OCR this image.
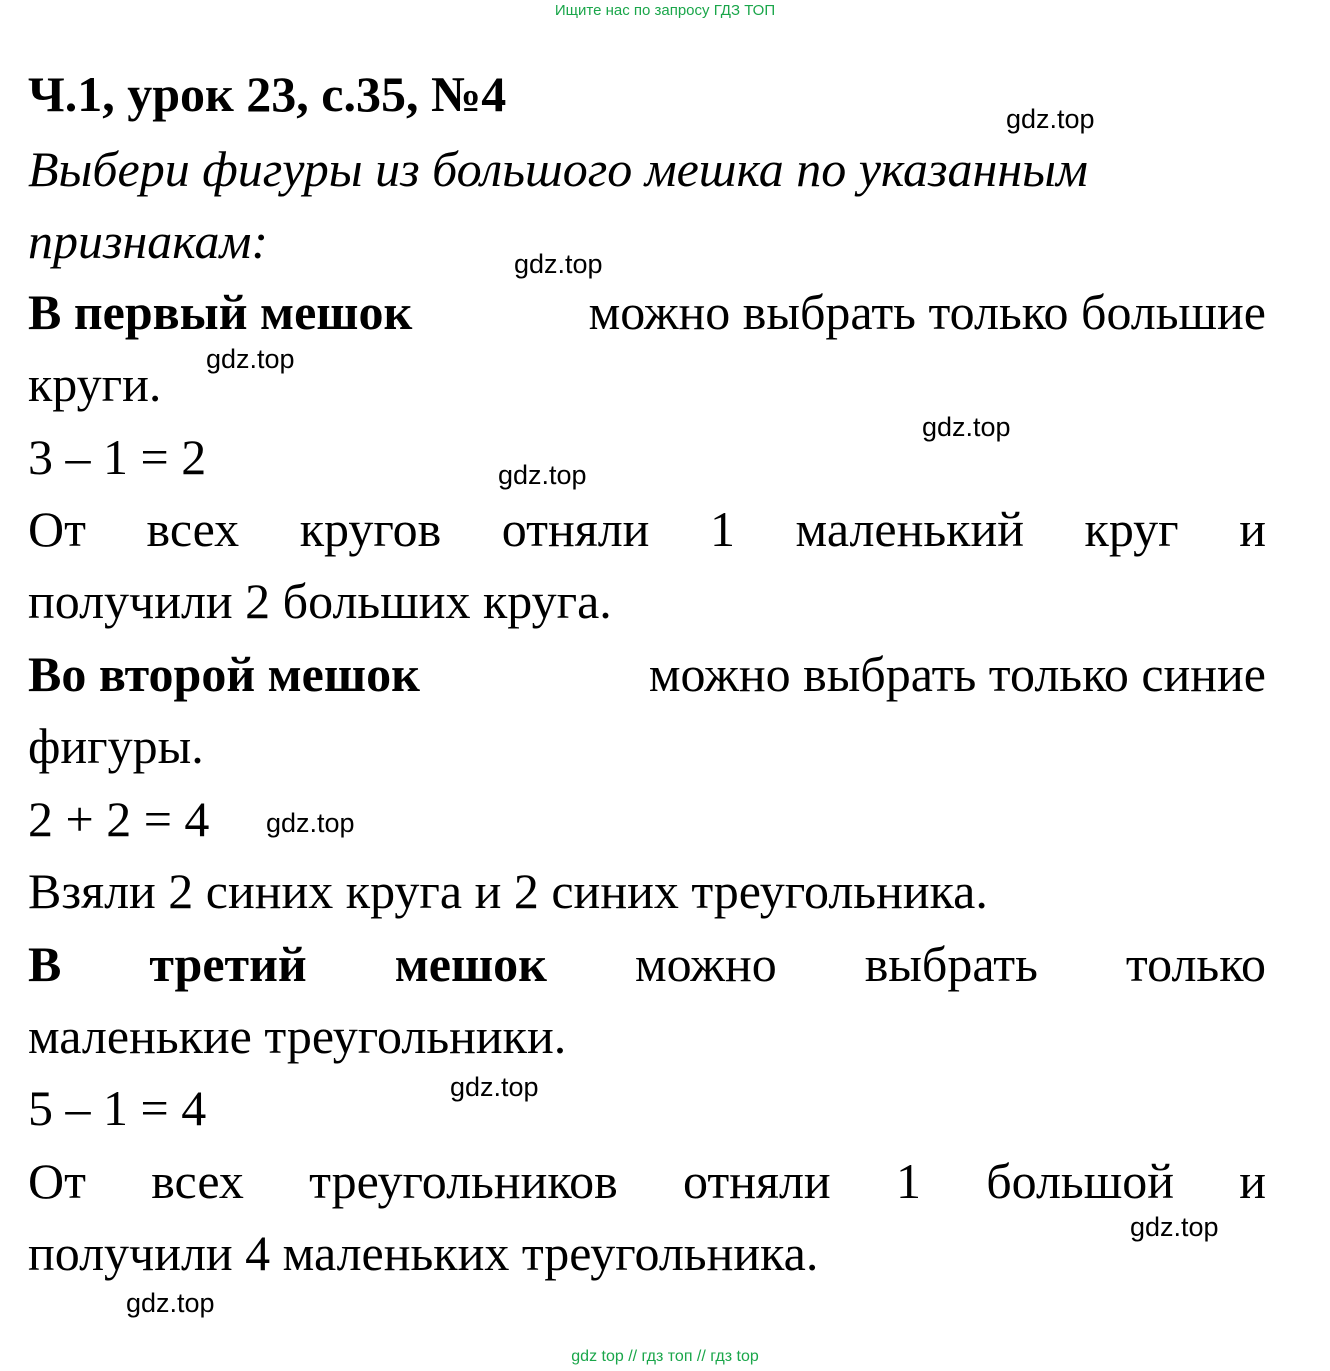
Ищите нас по запросу ГДЗ ТОП
Ч.1, урок 23, с.35, №4
Выбери фигуры из большого мешка по указанным
признакам:
В первый мешок	можно выбрать только большие
круги.
3 – 1 = 2
От всех кругов отняли 1 маленький круг и
получили 2 больших круга.
Во второй мешок	можно выбрать только синие
фигуры.
2 + 2 = 4
Взяли 2 синих круга и 2 синих треугольника.
В третий мешок можно выбрать только
маленькие треугольники.
5 – 1 = 4
От всех треугольников отняли 1 большой и
получили 4 маленьких треугольника.
gdz.top
gdz.top
gdz.top
gdz.top
gdz.top
gdz.top
gdz.top
gdz.top
gdz.top
gdz top // гдз топ // гдз top
